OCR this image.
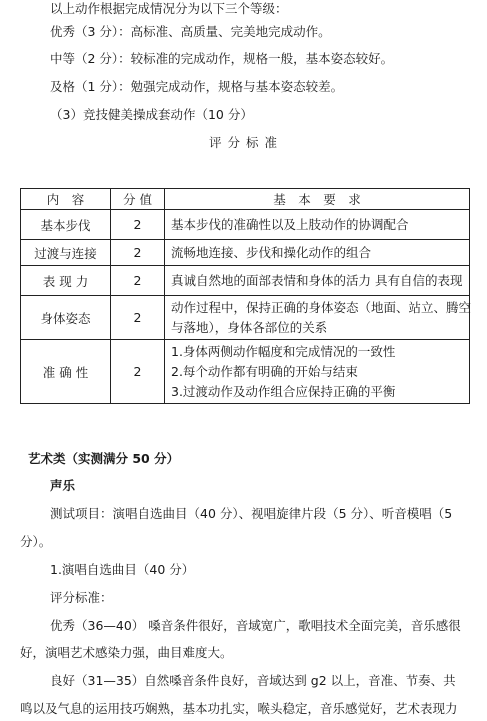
以上动作根据完成情况分为以下三个等级：
优秀（3 分）：高标准、高质量、完美地完成动作。
中等（2 分）：较标准的完成动作，规格一般，基本姿态较好。
及格（1 分）：勉强完成动作，规格与基本姿态较差。
（3）竞技健美操成套动作（10 分）
评 分 标 准
内　容	分 值	基　本　要　求
基本步伐	2	基本步伐的准确性以及上肢动作的协调配合
过渡与连接	2	流畅地连接、步伐和操化动作的组合
表 现 力	2	真诚自然地的面部表情和身体的活力 具有自信的表现
身体姿态	2	动作过程中，保持正确的身体姿态（地面、站立、腾空
与落地），身体各部位的关系

准 确 性	2	1.身体两侧动作幅度和完成情况的一致性
2.每个动作都有明确的开始与结束
3.过渡动作及动作组合应保持正确的平衡
艺术类（实测满分 50 分）
声乐
测试项目：演唱自选曲目（40 分）、视唱旋律片段（5 分）、听音模唱（5
分）。
1.演唱自选曲目（40 分）
评分标准：
优秀（36—40） 嗓音条件很好，音域宽广，歌唱技术全面完美，音乐感很
好，演唱艺术感染力强，曲目难度大。
良好（31—35）自然嗓音条件良好，音域达到 g2 以上，音准、节奏、共
鸣以及气息的运用技巧娴熟，基本功扎实，喉头稳定，音乐感觉好，艺术表现力
